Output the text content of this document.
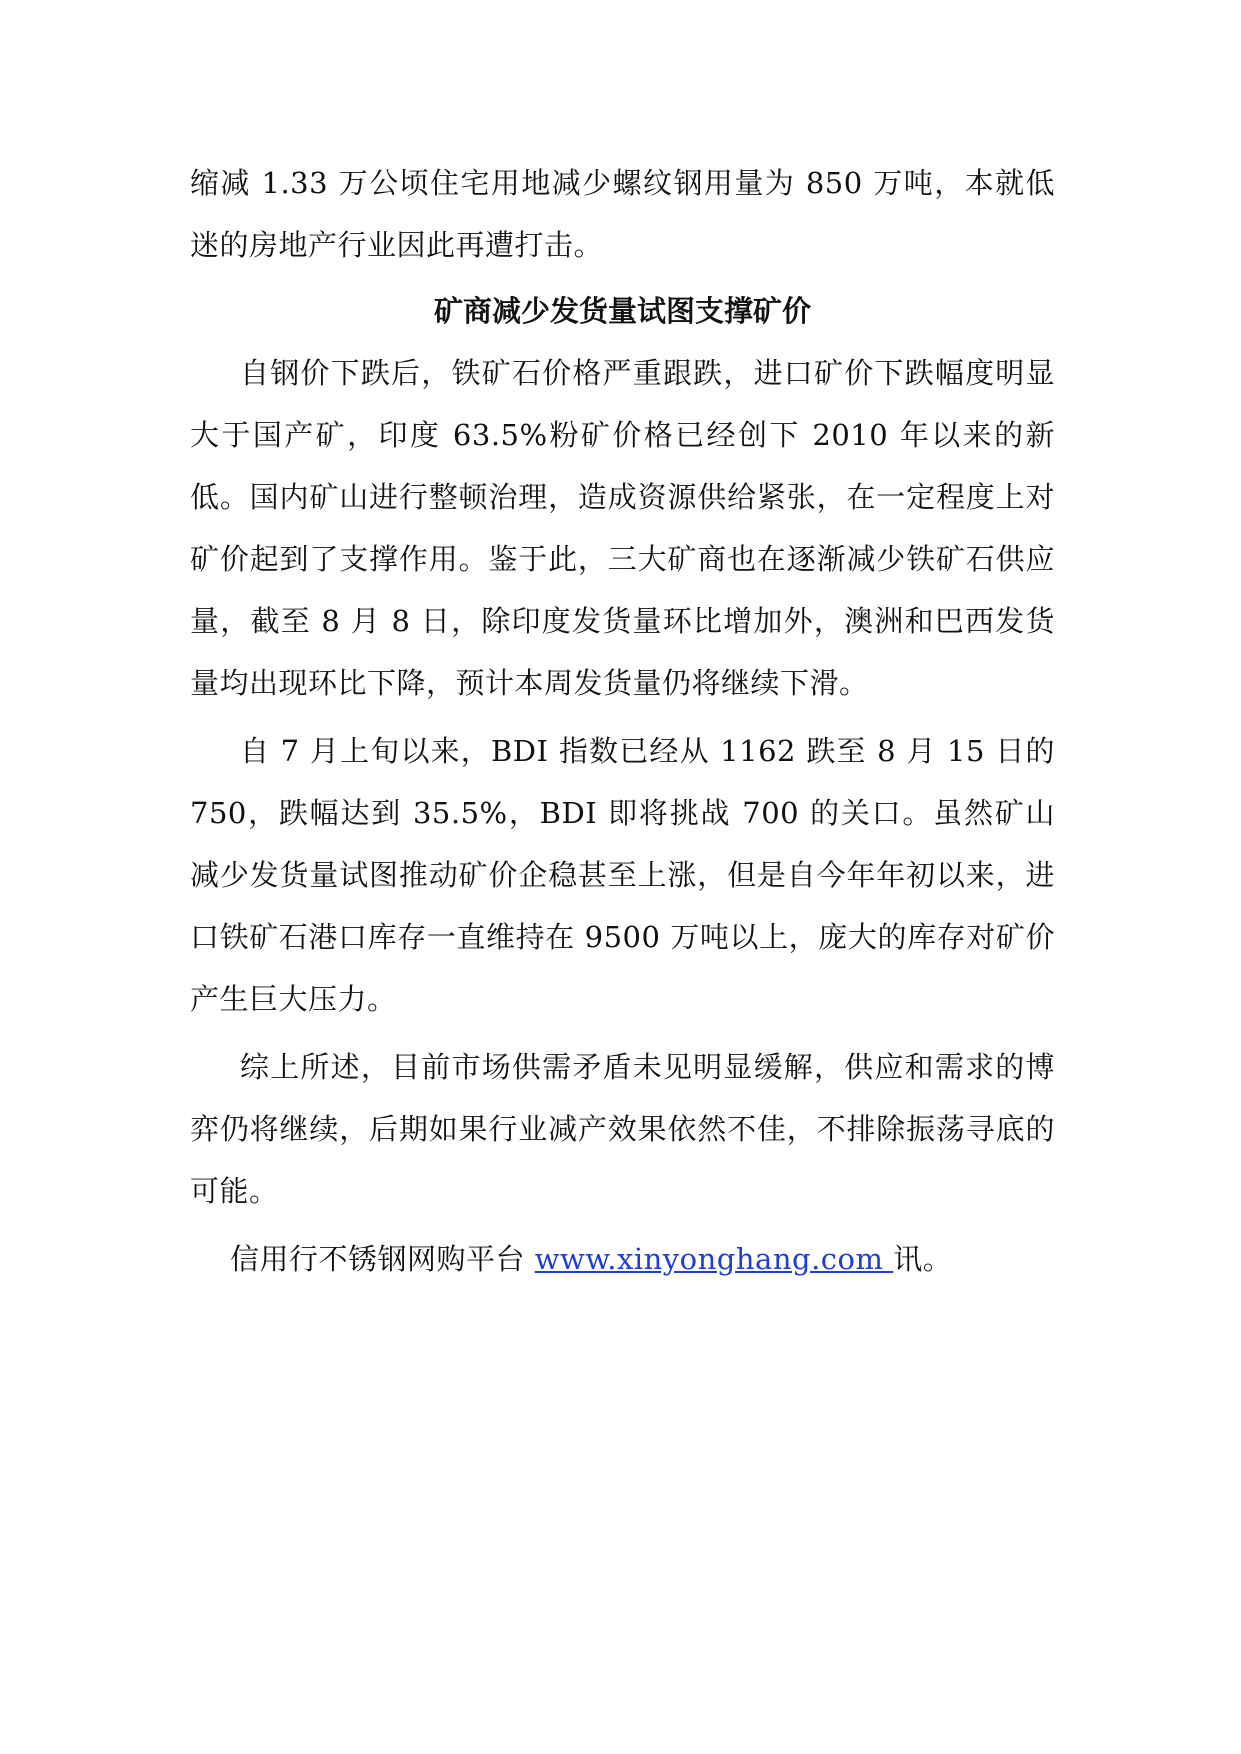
缩减 1.33 万公顷住宅用地减少螺纹钢用量为 850 万吨，本就低迷的房地产行业因此再遭打击。

矿商减少发货量试图支撑矿价

自钢价下跌后，铁矿石价格严重跟跌，进口矿价下跌幅度明显大于国产矿，印度 63.5%粉矿价格已经创下 2010 年以来的新低。国内矿山进行整顿治理，造成资源供给紧张，在一定程度上对矿价起到了支撑作用。鉴于此，三大矿商也在逐渐减少铁矿石供应量，截至 8 月 8 日，除印度发货量环比增加外，澳洲和巴西发货量均出现环比下降，预计本周发货量仍将继续下滑。

自 7 月上旬以来，BDI 指数已经从 1162 跌至 8 月 15 日的 750，跌幅达到 35.5%，BDI 即将挑战 700 的关口。虽然矿山减少发货量试图推动矿价企稳甚至上涨，但是自今年年初以来，进口铁矿石港口库存一直维持在 9500 万吨以上，庞大的库存对矿价产生巨大压力。

综上所述，目前市场供需矛盾未见明显缓解，供应和需求的博弈仍将继续，后期如果行业减产效果依然不佳，不排除振荡寻底的可能。

信用行不锈钢网购平台 www.xinyonghang.com 讯。
